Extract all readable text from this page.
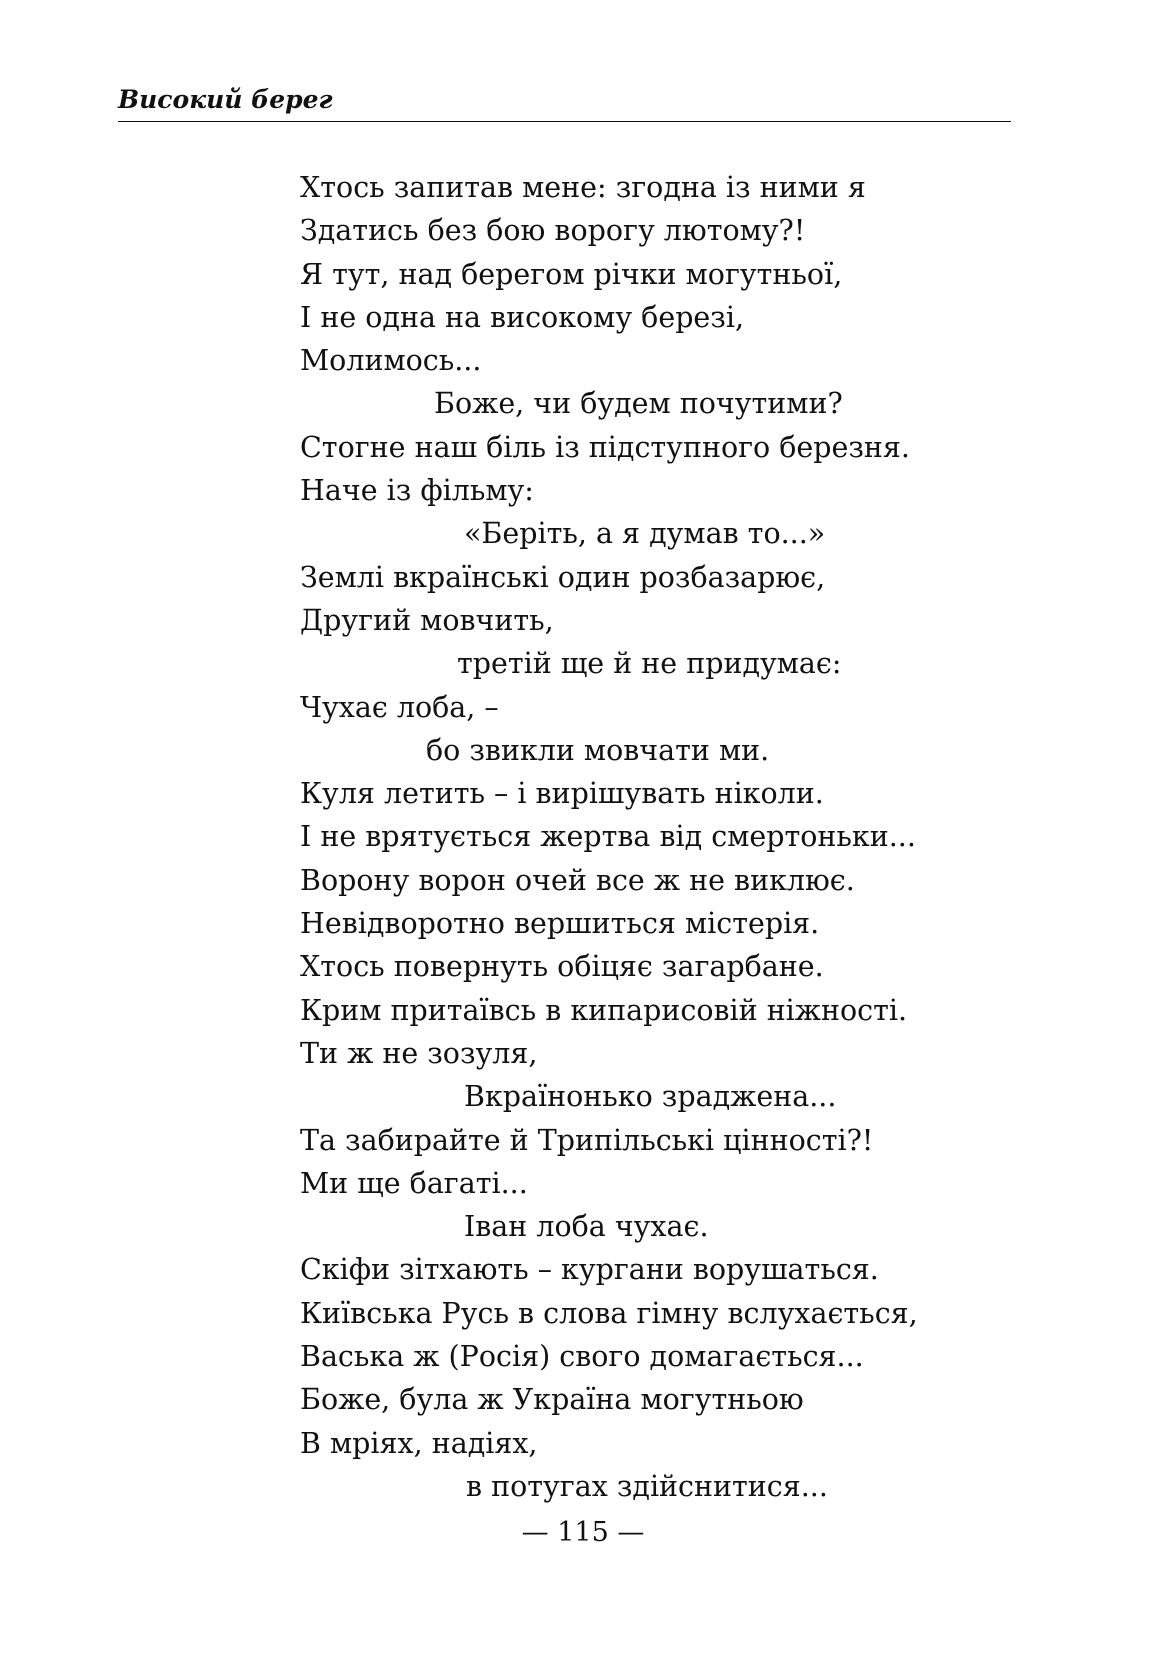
Високий берег
Хтось запитав мене: згодна із ними я
Здатись без бою ворогу лютому?!
Я тут, над берегом річки могутньої,
І не одна на високому березі,
Молимось...
Боже, чи будем почутими?
Стогне наш біль із підступного березня.
Наче із фільму:
«Беріть, а я думав то...»
Землі вкраїнські один розбазарює,
Другий мовчить,
третій ще й не придумає:
Чухає лоба, –
бо звикли мовчати ми.
Куля летить – і вирішувать ніколи.
І не врятується жертва від смертоньки...
Ворону ворон очей все ж не виклює.
Невідворотно вершиться містерія.
Хтось повернуть обіцяє загарбане.
Крим притаївсь в кипарисовій ніжності.
Ти ж не зозуля,
Вкраїнонько зраджена...
Та забирайте й Трипільські цінності?!
Ми ще багаті...
Іван лоба чухає.
Скіфи зітхають – кургани ворушаться.
Київська Русь в слова гімну вслухається,
Васька ж (Росія) свого домагається...
Боже, була ж Україна могутньою
В мріях, надіях,
в потугах здійснитися...
— 115 —
